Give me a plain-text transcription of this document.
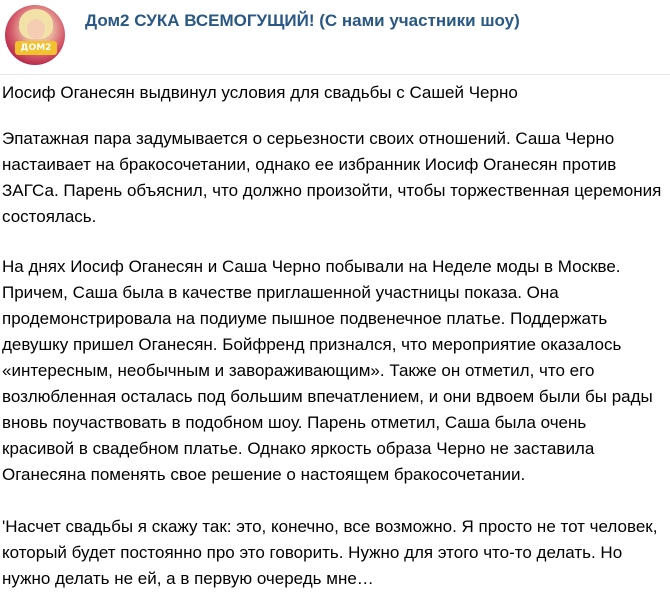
ДОМ2
Дом2 СУКА ВСЕМОГУЩИЙ! (С нами участники шоу)

Иосиф Оганесян выдвинул условия для свадьбы с Сашей Черно

Эпатажная пара задумывается о серьезности своих отношений. Саша Черно

настаивает на бракосочетании, однако ее избранник Иосиф Оганесян против

ЗАГСа. Парень объяснил, что должно произойти, чтобы торжественная церемония

состоялась.

На днях Иосиф Оганесян и Саша Черно побывали на Неделе моды в Москве.

Причем, Саша была в качестве приглашенной участницы показа. Она

продемонстрировала на подиуме пышное подвенечное платье. Поддержать

девушку пришел Оганесян. Бойфренд признался, что мероприятие оказалось

«интересным, необычным и завораживающим». Также он отметил, что его

возлюбленная осталась под большим впечатлением, и они вдвоем были бы рады

вновь поучаствовать в подобном шоу. Парень отметил, Саша была очень

красивой в свадебном платье. Однако яркость образа Черно не заставила

Оганесяна поменять свое решение о настоящем бракосочетании.

'Насчет свадьбы я скажу так: это, конечно, все возможно. Я просто не тот человек,

который будет постоянно про это говорить. Нужно для этого что-то делать. Но

нужно делать не ей, а в первую очередь мне…
